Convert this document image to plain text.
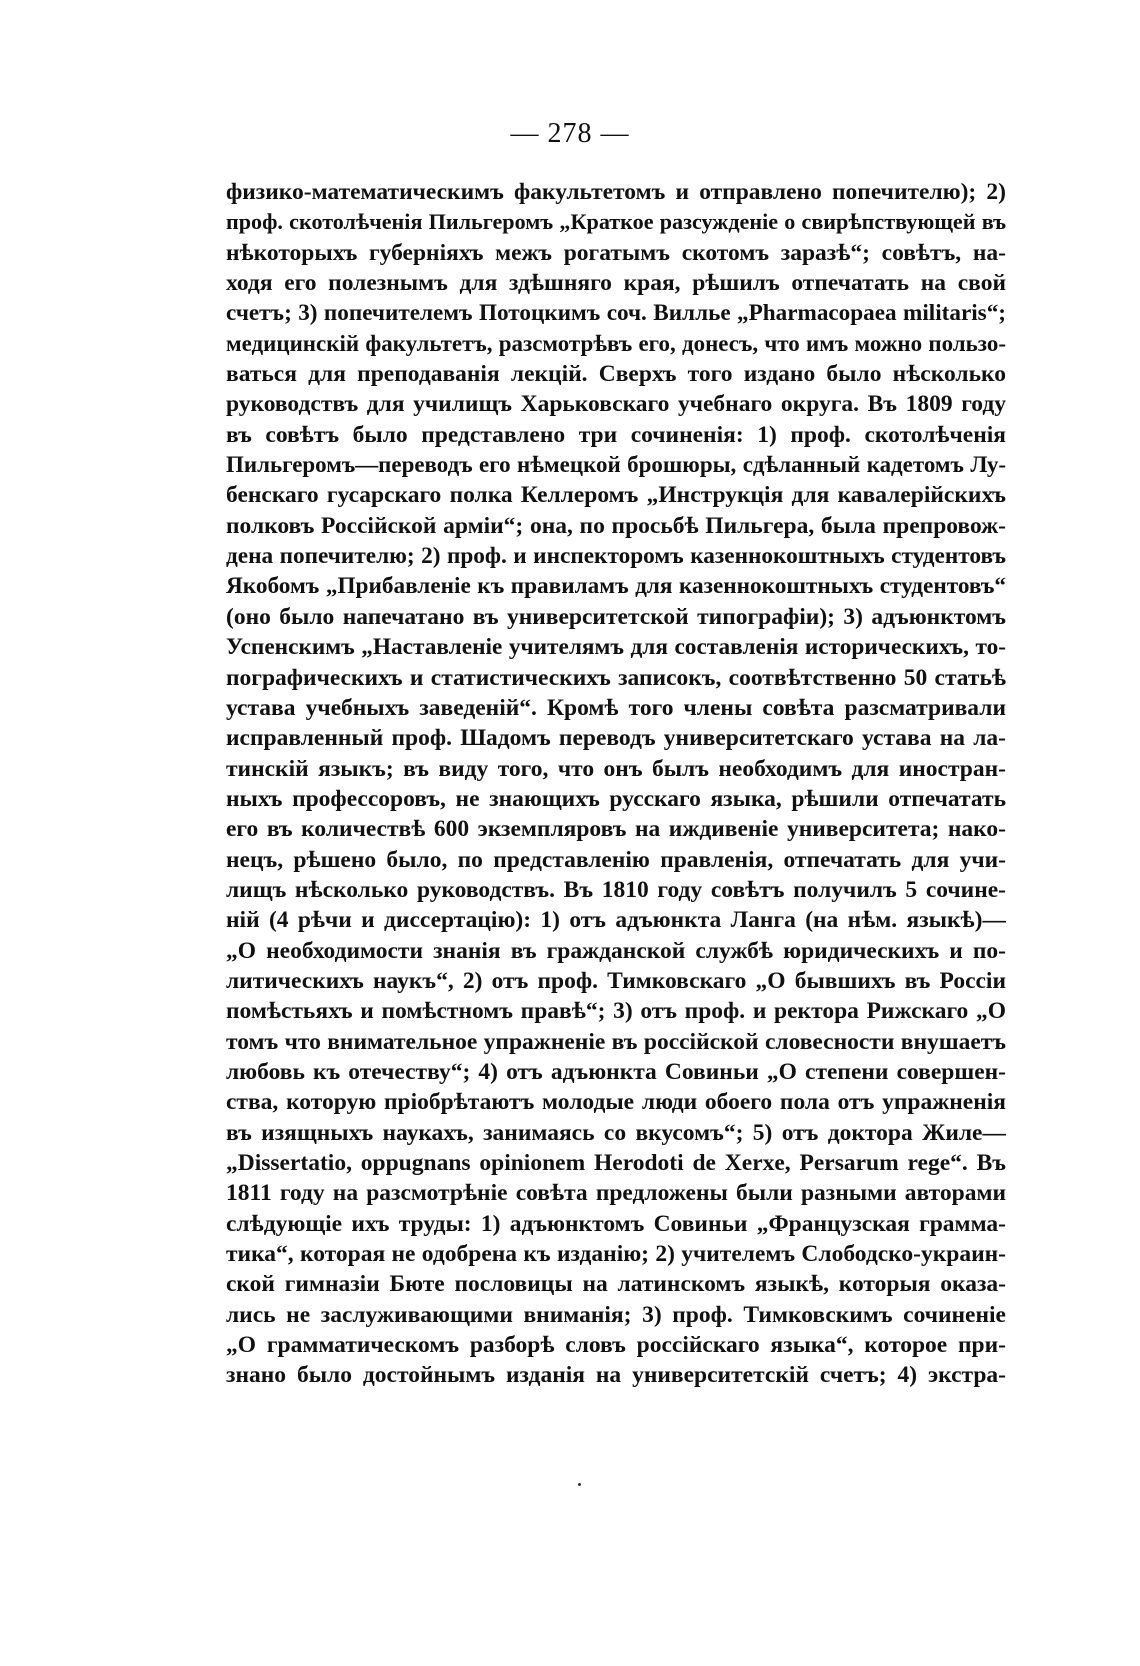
— 278 —
физико-математическимъ факультетомъ и отправлено попечителю); 2)
проф. скотолѣченія Пильгеромъ „Краткое разсужденіе о свирѣпствующей въ
нѣкоторыхъ губерніяхъ межъ рогатымъ скотомъ заразѣ“; совѣтъ, на-
ходя его полезнымъ для здѣшняго края, рѣшилъ отпечатать на свой
счетъ; 3) попечителемъ Потоцкимъ соч. Виллье „Pharmacopaea militaris“;
медицинскій факультетъ, разсмотрѣвъ его, донесъ, что имъ можно пользо-
ваться для преподаванія лекцій. Сверхъ того издано было нѣсколько
руководствъ для училищъ Харьковскаго учебнаго округа. Въ 1809 году
въ совѣтъ было представлено три сочиненія: 1) проф. скотолѣченія
Пильгеромъ—переводъ его нѣмецкой брошюры, сдѣланный кадетомъ Лу-
бенскаго гусарскаго полка Келлеромъ „Инструкція для кавалерійскихъ
полковъ Россійской арміи“; она, по просьбѣ Пильгера, была препровож-
дена попечителю; 2) проф. и инспекторомъ казеннокоштныхъ студентовъ
Якобомъ „Прибавленіе къ правиламъ для казеннокоштныхъ студентовъ“
(оно было напечатано въ университетской типографіи); 3) адъюнктомъ
Успенскимъ „Наставленіе учителямъ для составленія историческихъ, то-
пографическихъ и статистическихъ записокъ, соотвѣтственно 50 статьѣ
устава учебныхъ заведеній“. Кромѣ того члены совѣта разсматривали
исправленный проф. Шадомъ переводъ университетскаго устава на ла-
тинскій языкъ; въ виду того, что онъ былъ необходимъ для иностран-
ныхъ профессоровъ, не знающихъ русскаго языка, рѣшили отпечатать
его въ количествѣ 600 экземпляровъ на иждивеніе университета; нако-
нецъ, рѣшено было, по представленію правленія, отпечатать для учи-
лищъ нѣсколько руководствъ. Въ 1810 году совѣтъ получилъ 5 сочине-
ній (4 рѣчи и диссертацію): 1) отъ адъюнкта Ланга (на нѣм. языкѣ)—
„О необходимости знанія въ гражданской службѣ юридическихъ и по-
литическихъ наукъ“, 2) отъ проф. Тимковскаго „О бывшихъ въ Россіи
помѣстьяхъ и помѣстномъ правѣ“; 3) отъ проф. и ректора Рижскаго „О
томъ что внимательное упражненіе въ россійской словесности внушаетъ
любовь къ отечеству“; 4) отъ адъюнкта Совиньи „О степени совершен-
ства, которую пріобрѣтаютъ молодые люди обоего пола отъ упражненія
въ изящныхъ наукахъ, занимаясь со вкусомъ“; 5) отъ доктора Жиле—
„Dissertatio, oppugnans opinionem Herodoti de Xerxe, Persarum rege“. Въ
1811 году на разсмотрѣніе совѣта предложены были разными авторами
слѣдующіе ихъ труды: 1) адъюнктомъ Совиньи „Французская грамма-
тика“, которая не одобрена къ изданію; 2) учителемъ Слободско-украин-
ской гимназіи Бюте пословицы на латинскомъ языкѣ, которыя оказа-
лись не заслуживающими вниманія; 3) проф. Тимковскимъ сочиненіе
„О грамматическомъ разборѣ словъ россійскаго языка“, которое при-
знано было достойнымъ изданія на университетскій счетъ; 4) экстра-
